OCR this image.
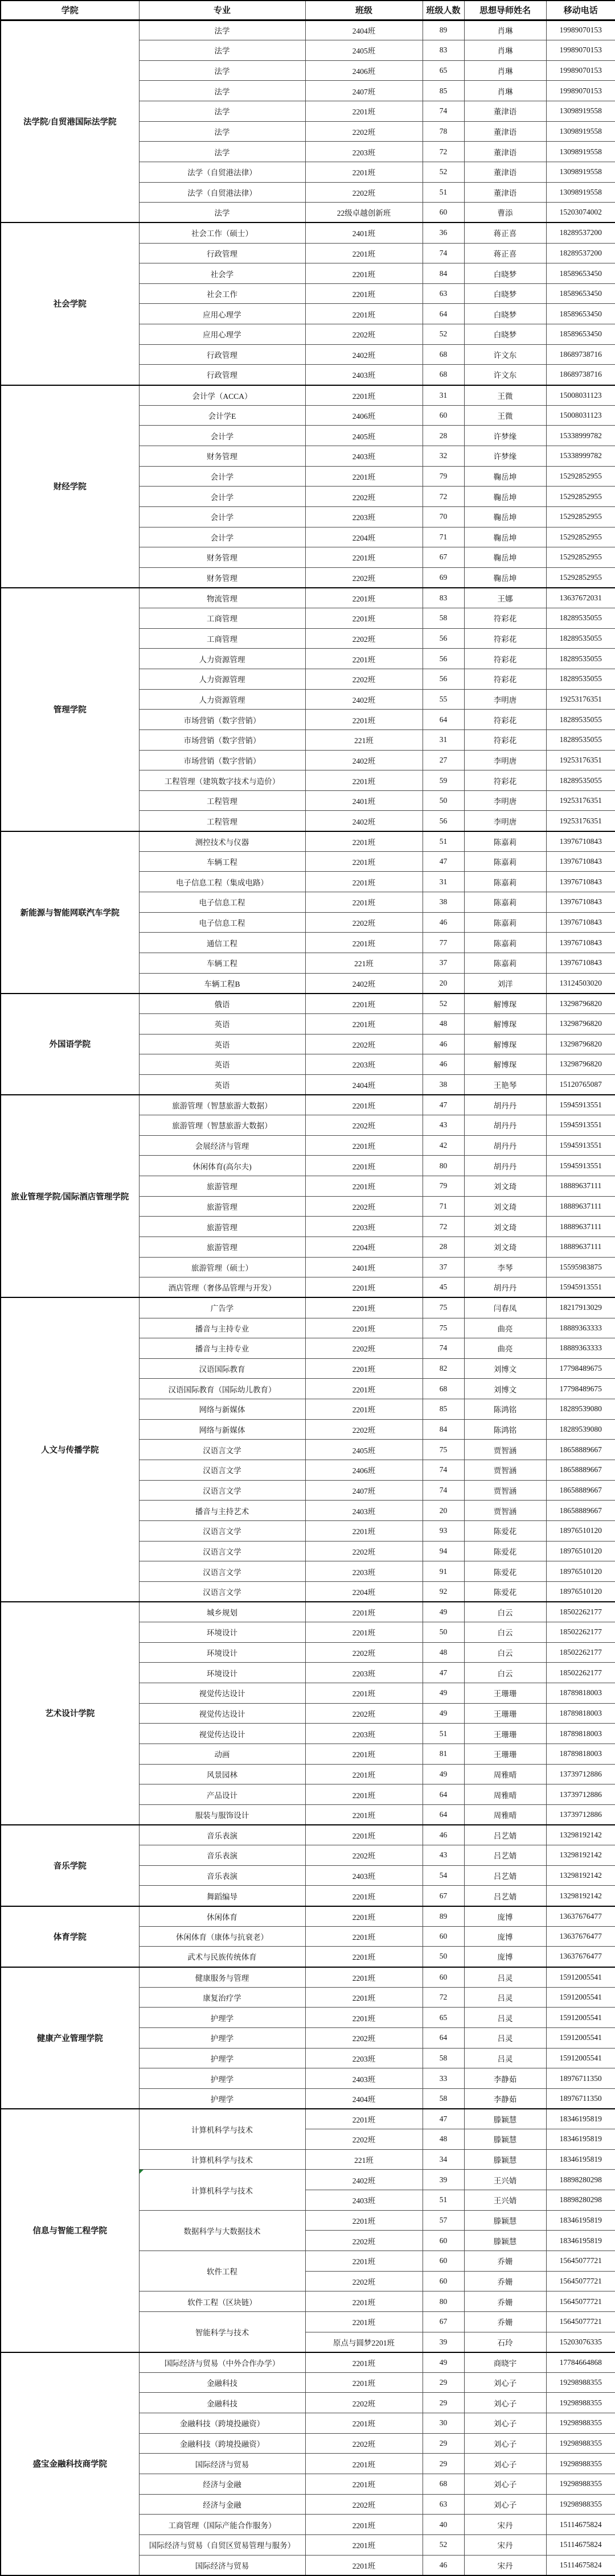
学院	专业	班级	班级人数	思想导师姓名	移动电话
法学院/自贸港国际法学院	法学	2404班	89	肖琳	19989070153
	法学	2405班	83	肖琳	19989070153
	法学	2406班	65	肖琳	19989070153
	法学	2407班	85	肖琳	19989070153
	法学	2201班	74	董津语	13098919558
	法学	2202班	78	董津语	13098919558
	法学	2203班	72	董津语	13098919558
	法学（自贸港法律）	2201班	52	董津语	13098919558
	法学（自贸港法律）	2202班	51	董津语	13098919558
	法学	22级卓越创新班	60	曹添	15203074002
社会学院	社会工作（硕士）	2401班	36	蒋正喜	18289537200
	行政管理	2201班	74	蒋正喜	18289537200
	社会学	2201班	84	白晓梦	18589653450
	社会工作	2201班	63	白晓梦	18589653450
	应用心理学	2201班	64	白晓梦	18589653450
	应用心理学	2202班	52	白晓梦	18589653450
	行政管理	2402班	68	许文东	18689738716
	行政管理	2403班	68	许文东	18689738716
财经学院	会计学（ACCA）	2201班	31	王微	15008031123
	会计学E	2406班	60	王微	15008031123
	会计学	2405班	28	许梦缘	15338999782
	财务管理	2403班	32	许梦缘	15338999782
	会计学	2201班	79	鞠岳坤	15292852955
	会计学	2202班	72	鞠岳坤	15292852955
	会计学	2203班	70	鞠岳坤	15292852955
	会计学	2204班	71	鞠岳坤	15292852955
	财务管理	2201班	67	鞠岳坤	15292852955
	财务管理	2202班	69	鞠岳坤	15292852955
管理学院	物流管理	2201班	83	王娜	13637672031
	工商管理	2201班	58	符彩花	18289535055
	工商管理	2202班	56	符彩花	18289535055
	人力资源管理	2201班	56	符彩花	18289535055
	人力资源管理	2202班	56	符彩花	18289535055
	人力资源管理	2402班	55	李明唐	19253176351
	市场营销（数字营销）	2201班	64	符彩花	18289535055
	市场营销（数字营销）	221班	31	符彩花	18289535055
	市场营销（数字营销）	2402班	27	李明唐	19253176351
	工程管理（建筑数字技术与造价）	2201班	59	符彩花	18289535055
	工程管理	2401班	50	李明唐	19253176351
	工程管理	2402班	56	李明唐	19253176351
新能源与智能网联汽车学院	测控技术与仪器	2201班	51	陈嘉莉	13976710843
	车辆工程	2201班	47	陈嘉莉	13976710843
	电子信息工程（集成电路）	2201班	31	陈嘉莉	13976710843
	电子信息工程	2201班	38	陈嘉莉	13976710843
	电子信息工程	2202班	46	陈嘉莉	13976710843
	通信工程	2201班	77	陈嘉莉	13976710843
	车辆工程	221班	37	陈嘉莉	13976710843
	车辆工程B	2402班	20	刘洋	13124503020
外国语学院	俄语	2201班	52	解博琛	13298796820
	英语	2201班	48	解博琛	13298796820
	英语	2202班	46	解博琛	13298796820
	英语	2203班	46	解博琛	13298796820
	英语	2404班	38	王艳琴	15120765087
旅业管理学院/国际酒店管理学院	旅游管理（智慧旅游大数据）	2201班	47	胡丹丹	15945913551
	旅游管理（智慧旅游大数据）	2202班	43	胡丹丹	15945913551
	会展经济与管理	2201班	42	胡丹丹	15945913551
	休闲体育(高尔夫)	2201班	80	胡丹丹	15945913551
	旅游管理	2201班	79	刘文琦	18889637111
	旅游管理	2202班	71	刘文琦	18889637111
	旅游管理	2203班	72	刘文琦	18889637111
	旅游管理	2204班	28	刘文琦	18889637111
	旅游管理（硕士）	2401班	37	李琴	15595983875
	酒店管理（奢侈品管理与开发）	2201班	45	胡丹丹	15945913551
人文与传播学院	广告学	2201班	75	闫春凤	18217913029
	播音与主持专业	2201班	75	曲亮	18889363333
	播音与主持专业	2202班	74	曲亮	18889363333
	汉语国际教育	2201班	82	刘博文	17798489675
	汉语国际教育（国际幼儿教育）	2201班	68	刘博文	17798489675
	网络与新媒体	2201班	85	陈鸿铭	18289539080
	网络与新媒体	2202班	84	陈鸿铭	18289539080
	汉语言文学	2405班	75	贾智涵	18658889667
	汉语言文学	2406班	74	贾智涵	18658889667
	汉语言文学	2407班	74	贾智涵	18658889667
	播音与主持艺术	2403班	20	贾智涵	18658889667
	汉语言文学	2201班	93	陈爱花	18976510120
	汉语言文学	2202班	94	陈爱花	18976510120
	汉语言文学	2203班	91	陈爱花	18976510120
	汉语言文学	2204班	92	陈爱花	18976510120
艺术设计学院	城乡规划	2201班	49	白云	18502262177
	环境设计	2201班	50	白云	18502262177
	环境设计	2202班	48	白云	18502262177
	环境设计	2203班	47	白云	18502262177
	视觉传达设计	2201班	49	王珊珊	18789818003
	视觉传达设计	2202班	49	王珊珊	18789818003
	视觉传达设计	2203班	51	王珊珊	18789818003
	动画	2201班	81	王珊珊	18789818003
	风景园林	2201班	49	周雅晴	13739712886
	产品设计	2201班	64	周雅晴	13739712886
	服装与服饰设计	2201班	64	周雅晴	13739712886
音乐学院	音乐表演	2201班	46	吕艺婧	13298192142
	音乐表演	2202班	43	吕艺婧	13298192142
	音乐表演	2403班	54	吕艺婧	13298192142
	舞蹈编导	2201班	67	吕艺婧	13298192142
体育学院	休闲体育	2201班	89	庞博	13637676477
	休闲体育（康体与抗衰老）	2201班	60	庞博	13637676477
	武术与民族传统体育	2201班	50	庞博	13637676477
健康产业管理学院	健康服务与管理	2201班	60	吕灵	15912005541
	康复治疗学	2201班	72	吕灵	15912005541
	护理学	2201班	65	吕灵	15912005541
	护理学	2202班	64	吕灵	15912005541
	护理学	2203班	58	吕灵	15912005541
	护理学	2403班	33	李静茹	18976711350
	护理学	2404班	58	李静茹	18976711350
信息与智能工程学院	计算机科学与技术	2201班	47	滕颖慧	18346195819
		2202班	48	滕颖慧	18346195819
	计算机科学与技术	221班	34	滕颖慧	18346195819
	计算机科学与技术	2402班	39	王兴婧	18898280298
		2403班	51	王兴婧	18898280298
	数据科学与大数据技术	2201班	57	滕颖慧	18346195819
		2202班	60	滕颖慧	18346195819
	软件工程	2201班	60	乔姗	15645077721
		2202班	60	乔姗	15645077721
	软件工程（区块链）	2201班	80	乔姗	15645077721
	智能科学与技术	2201班	67	乔姗	15645077721
		原点与圆梦2201班	39	石玲	15203076335
盛宝金融科技商学院	国际经济与贸易（中外合作办学）	2201班	49	商晓宇	17784664868
	金融科技	2201班	29	刘心子	19298988355
	金融科技	2202班	29	刘心子	19298988355
	金融科技（跨境投融资）	2201班	30	刘心子	19298988355
	金融科技（跨境投融资）	2202班	29	刘心子	19298988355
	国际经济与贸易	2201班	29	刘心子	19298988355
	经济与金融	2201班	68	刘心子	19298988355
	经济与金融	2202班	63	刘心子	19298988355
	工商管理（国际产能合作服务）	2201班	40	宋丹	15114675824
	国际经济与贸易（自贸区贸易管理与服务）	2201班	52	宋丹	15114675824
	国际经济与贸易	2201班	46	宋丹	15114675824
